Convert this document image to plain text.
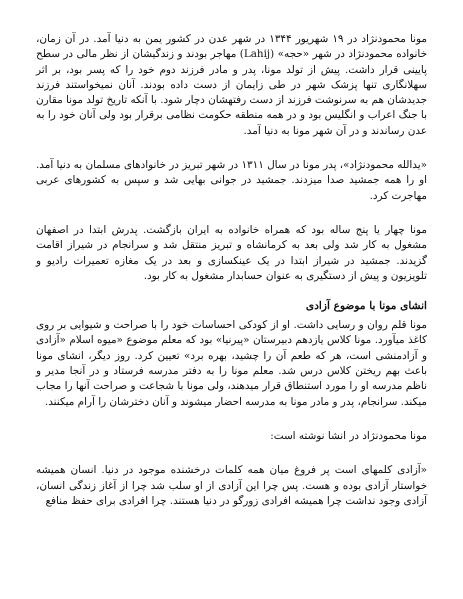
مونا محمودنژاد در ۱۹ شهریور ۱۳۴۴ در شهر عدن در کشور یمن به دنیا آمد. در آن زمان، خانواده محمودنژاد در شهر «حجه» (Lahij) مهاجر بودند و زندگیشان از نظر مالی در سطح پایینی قرار داشت. پیش از تولد مونا، پدر و مادر فرزند دوم خود را که پسر بود، بر اثر سهلانگاری تنها پزشک شهر در طی زایمان از دست داده بودند. آنان نمیخواستند فرزند جدیدشان هم به سرنوشت فرزند از دست رفتهشان دچار شود. با آنکه تاریخ تولد مونا مقارن با جنگ اعراب و انگلیس بود و در همه منطقه حکومت نظامی برقرار بود ولی آنان خود را به عدن رساندند و در آن شهر مونا به دنیا آمد.

«یدالله محمودنژاد»، پدر مونا در سال ۱۳۱۱ در شهر تبریز در خانوادهای مسلمان به دنیا آمد. او را همه جمشید صدا میزدند. جمشید در جوانی بهایی شد و سپس به کشورهای عربی مهاجرت کرد.

مونا چهار یا پنج ساله بود که همراه خانواده به ایران بازگشت. پدرش ابتدا در اصفهان مشغول به کار شد ولی بعد به کرمانشاه و تبریز منتقل شد و سرانجام در شیراز اقامت گزیدند. جمشید در شیراز ابتدا در یک عینکسازی و بعد در یک مغازه تعمیرات رادیو و تلویزیون و پیش از دستگیری به عنوان حسابدار مشغول به کار بود.

انشای مونا با موضوع آزادی

مونا قلم روان و رسایی داشت. او از کودکی احساسات خود را با صراحت و شیوایی بر روی کاغذ میآورد. مونا کلاس یازدهم دبیرستان «پیرنیا» بود که معلم موضوع «میوه اسلام «آزادی و آزادمنشی است، هر که طعم آن را چشید، بهره برد» تعیین کرد. روز دیگر، انشای مونا باعث بهم ریختن کلاس درس شد. معلم مونا را به دفتر مدرسه فرستاد و در آنجا مدیر و ناظم مدرسه او را مورد استنطاق قرار میدهند، ولی مونا با شجاعت و صراحت آنها را مجاب میکند. سرانجام، پدر و مادر مونا به مدرسه احضار میشوند و آنان دخترشان را آرام میکنند.

مونا محمودنژاد در انشا نوشته است:

«آزادی کلمهای است پر فروغ میان همه کلمات درخشنده موجود در دنیا. انسان همیشه خواستار آزادی بوده و هست. پس چرا این آزادی از او سلب شد چرا از آغاز زندگی انسان، آزادی وجود نداشت چرا همیشه افرادی زورگو در دنیا هستند. چرا افرادی برای حفظ منافع
